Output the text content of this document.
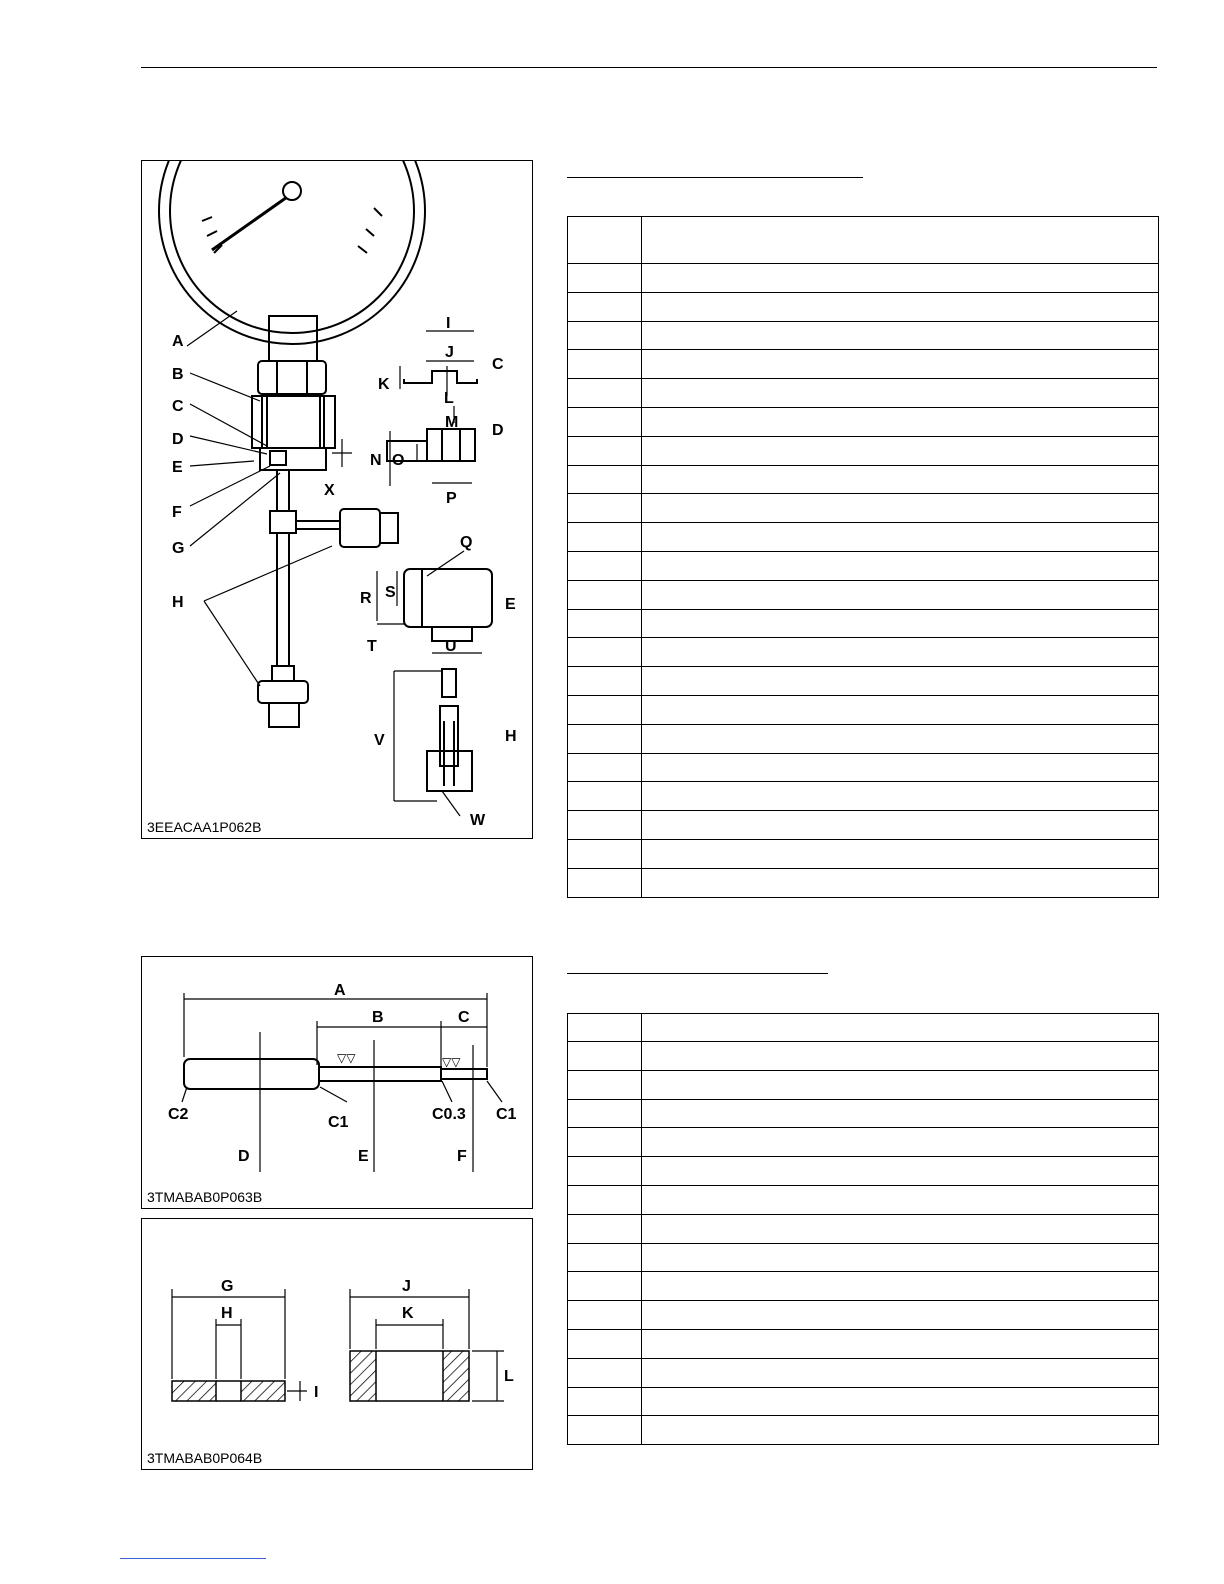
A
B
C
D
E
F
G
H
I
J
C
K
L
M D
N O
P
X
Q
R S
E
T	U
V	H
W
3EEACAA1P062B
▽▽	▽▽
A
B	C
C2	C1	C0.3 C1
D	E	F
3TMABAB0P063B
G
H
I
J
K
L
3TMABAB0P064B
